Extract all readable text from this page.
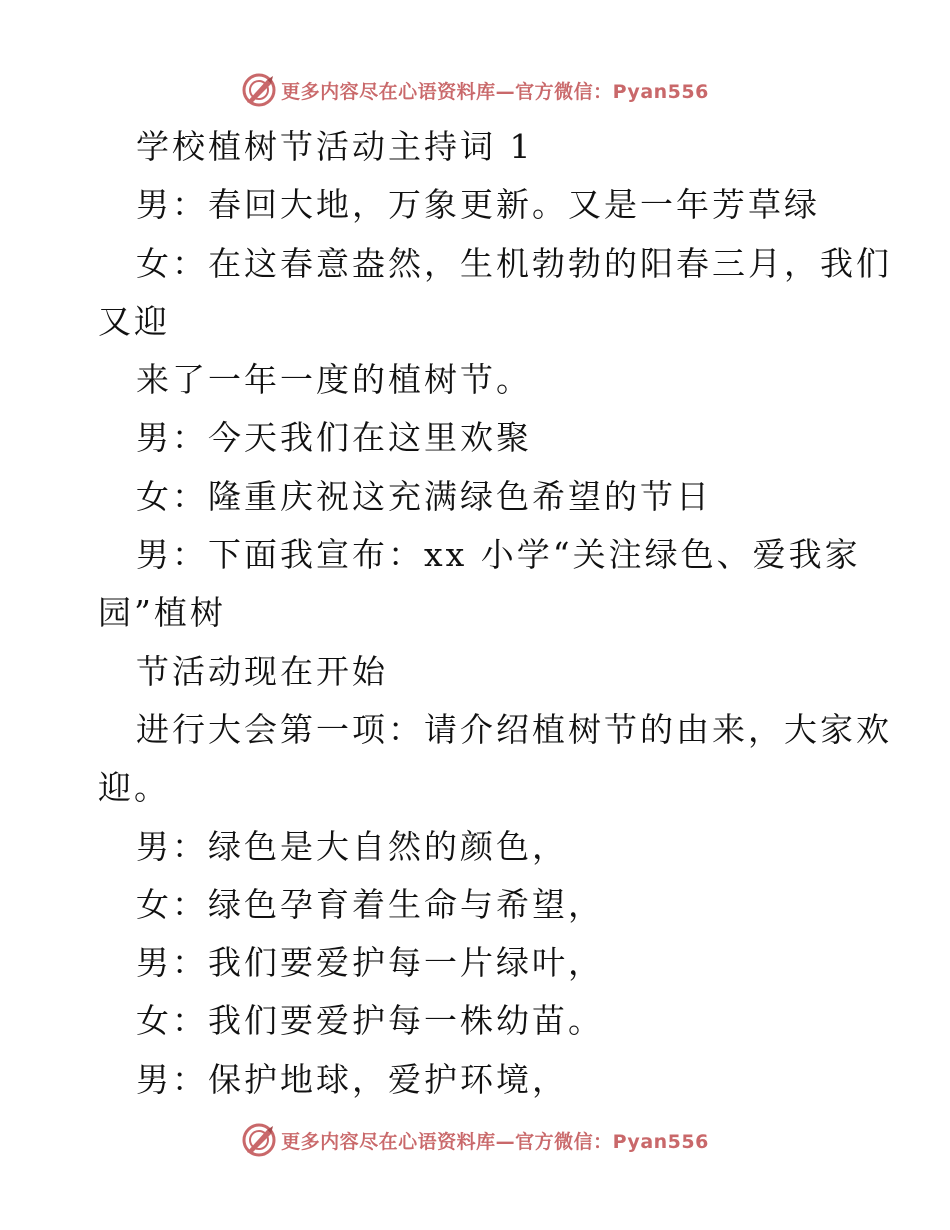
更多内容尽在心语资料库—官方微信：Pyan556
学校植树节活动主持词 1
男：春回大地，万象更新。又是一年芳草绿
女：在这春意盎然，生机勃勃的阳春三月，我们
又迎
来了一年一度的植树节。
男：今天我们在这里欢聚
女：隆重庆祝这充满绿色希望的节日
男：下面我宣布：xx 小学“关注绿色、爱我家
园”植树
节活动现在开始
进行大会第一项：请介绍植树节的由来，大家欢
迎。
男：绿色是大自然的颜色，
女：绿色孕育着生命与希望，
男：我们要爱护每一片绿叶，
女：我们要爱护每一株幼苗。
男：保护地球，爱护环境，
更多内容尽在心语资料库—官方微信：Pyan556
